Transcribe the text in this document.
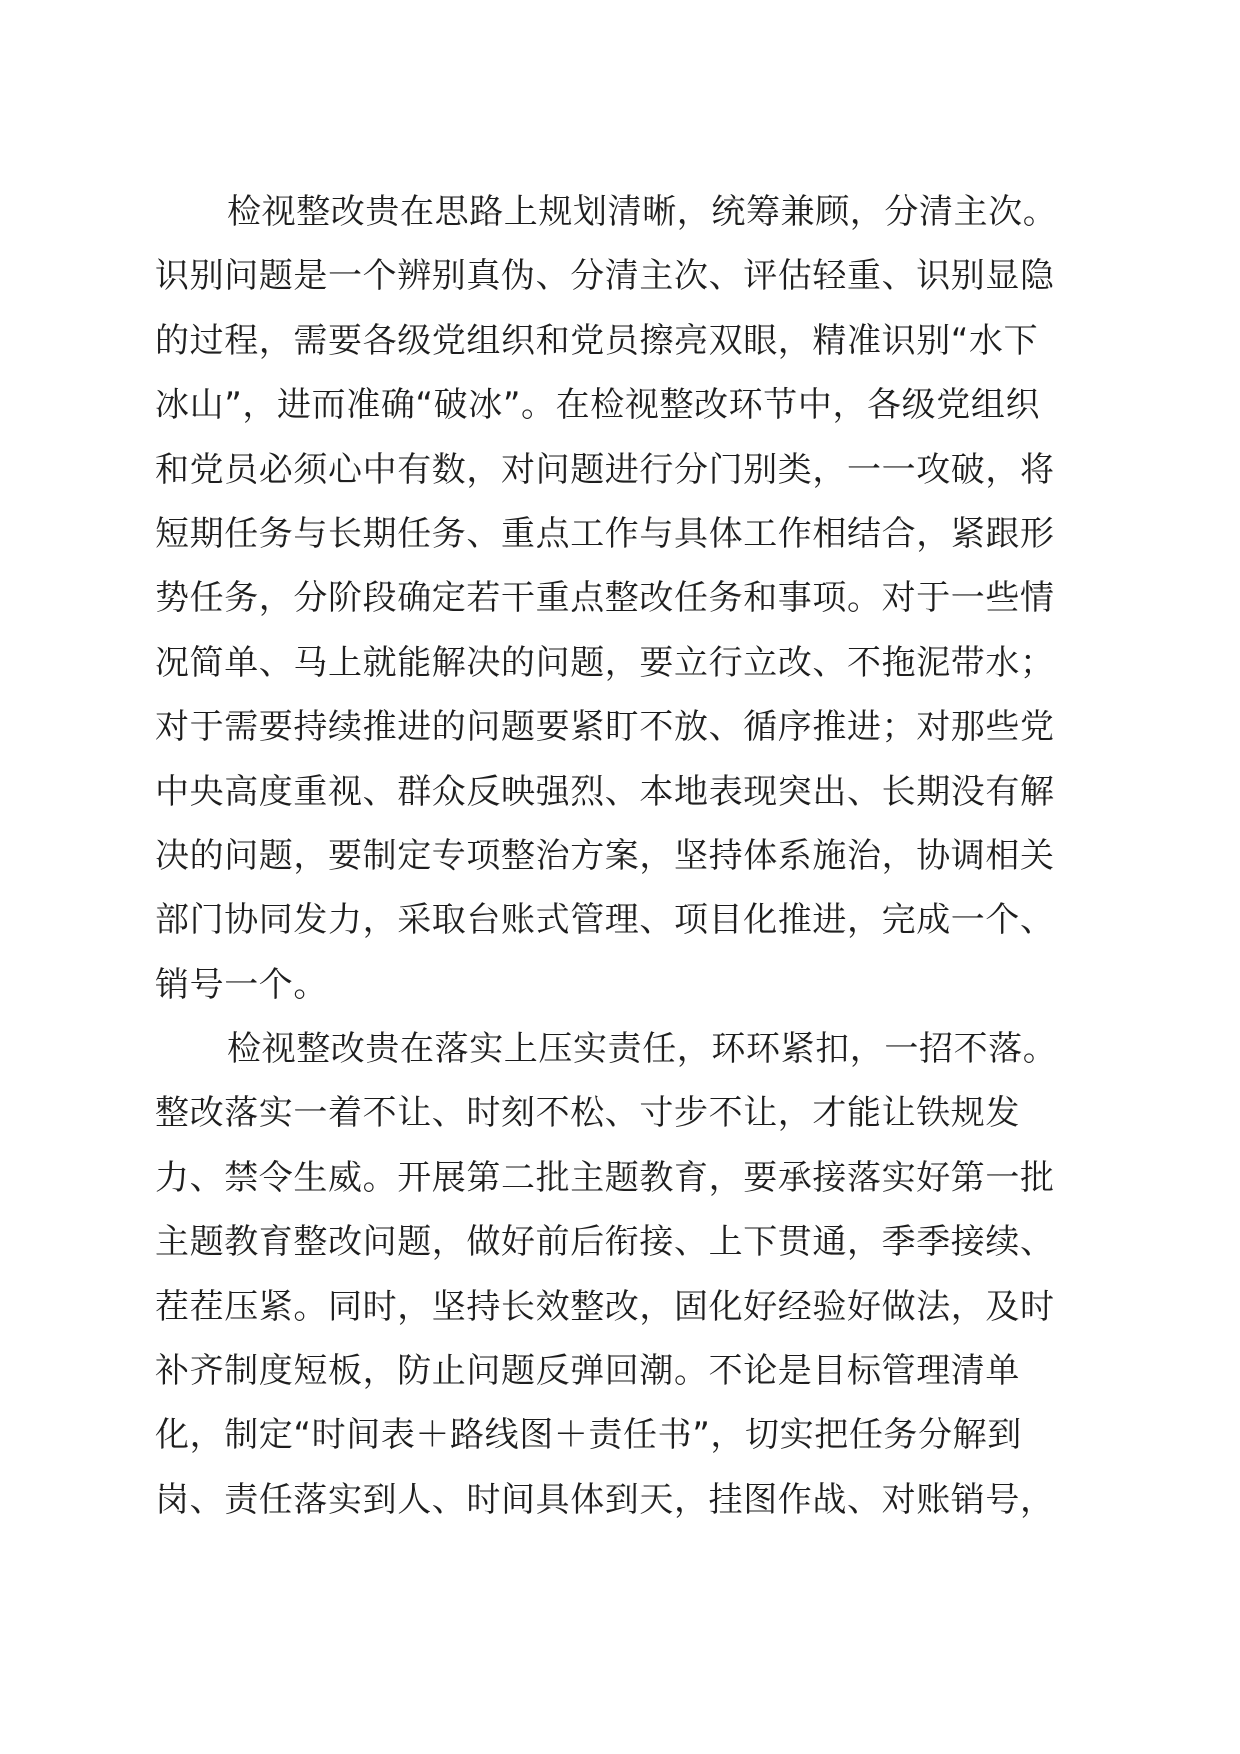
检视整改贵在思路上规划清晰，统筹兼顾，分清主次。
识别问题是一个辨别真伪、分清主次、评估轻重、识别显隐
的过程，需要各级党组织和党员擦亮双眼，精准识别“水下
冰山”，进而准确“破冰”。在检视整改环节中，各级党组织
和党员必须心中有数，对问题进行分门别类，一一攻破，将
短期任务与长期任务、重点工作与具体工作相结合，紧跟形
势任务，分阶段确定若干重点整改任务和事项。对于一些情
况简单、马上就能解决的问题，要立行立改、不拖泥带水；
对于需要持续推进的问题要紧盯不放、循序推进；对那些党
中央高度重视、群众反映强烈、本地表现突出、长期没有解
决的问题，要制定专项整治方案，坚持体系施治，协调相关
部门协同发力，采取台账式管理、项目化推进，完成一个、
销号一个。
检视整改贵在落实上压实责任，环环紧扣，一招不落。
整改落实一着不让、时刻不松、寸步不让，才能让铁规发
力、禁令生威。开展第二批主题教育，要承接落实好第一批
主题教育整改问题，做好前后衔接、上下贯通，季季接续、
茬茬压紧。同时，坚持长效整改，固化好经验好做法，及时
补齐制度短板，防止问题反弹回潮。不论是目标管理清单
化，制定“时间表＋路线图＋责任书”，切实把任务分解到
岗、责任落实到人、时间具体到天，挂图作战、对账销号，
